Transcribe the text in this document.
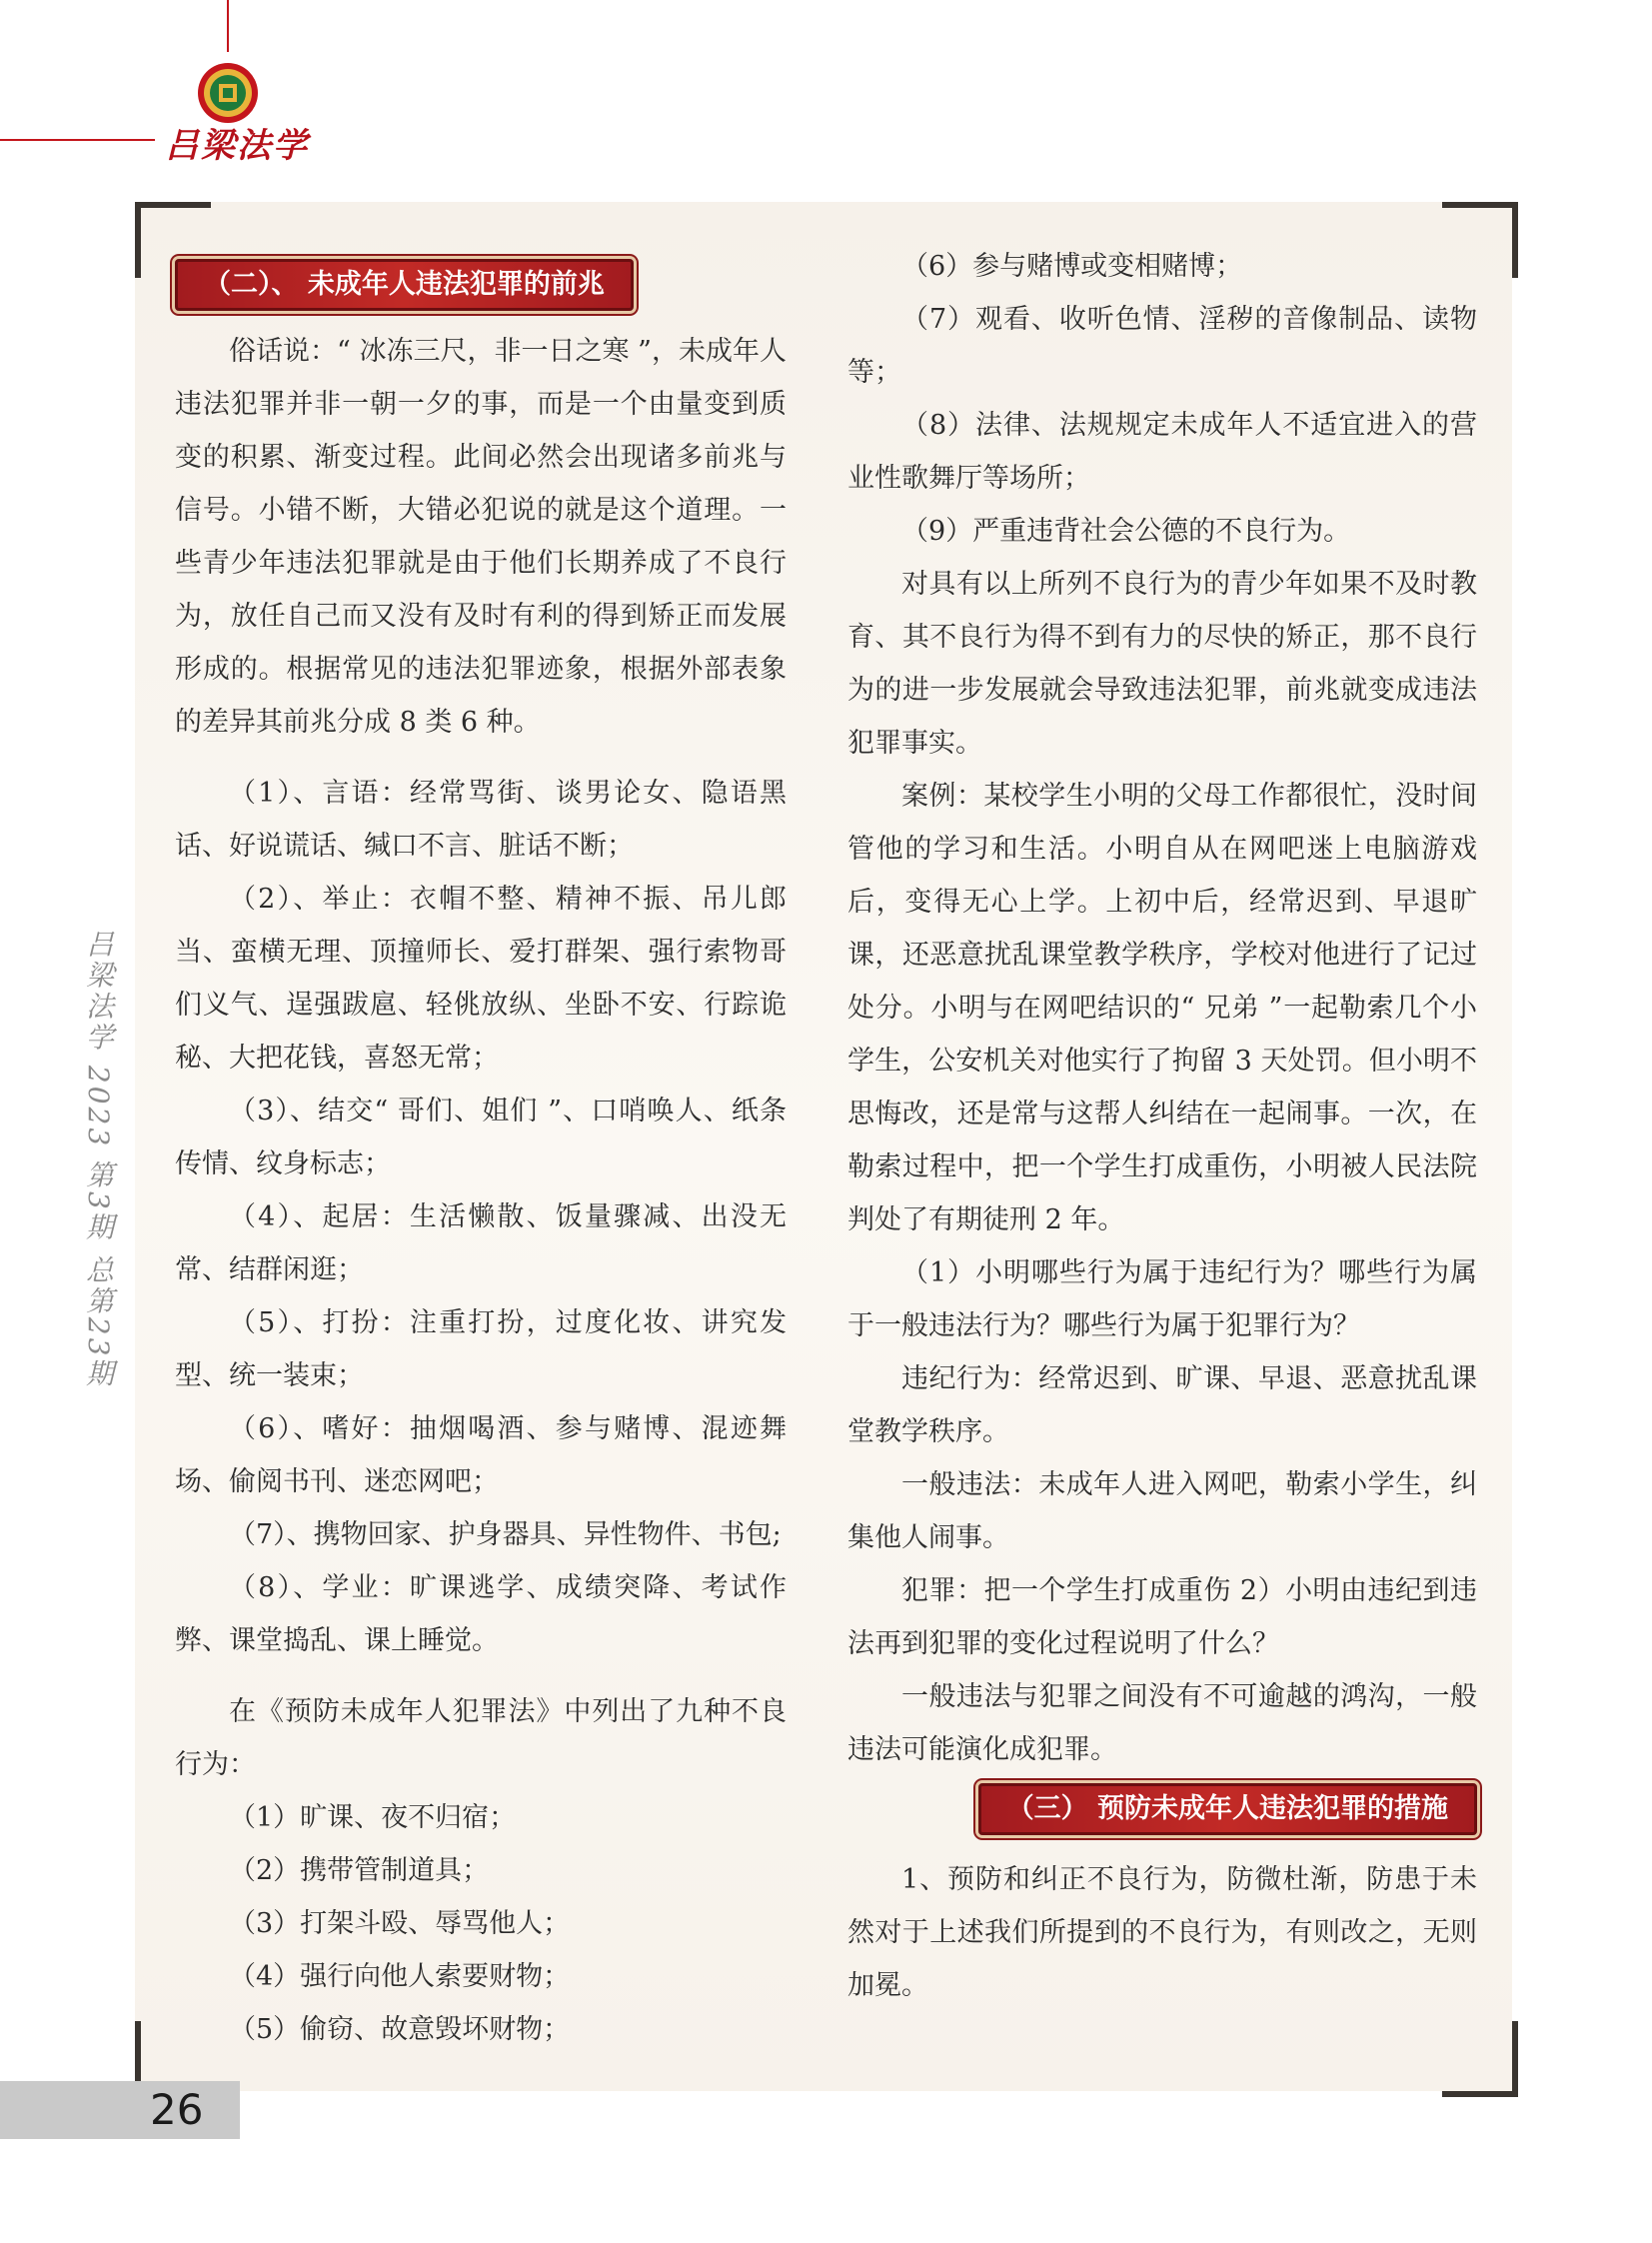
吕梁法学
吕梁法学 2023 第3期 总第23期
26
（二）、 未成年人违法犯罪的前兆

俗话说：“ 冰冻三尺，非一日之寒 ”，未成年人违法犯罪并非一朝一夕的事，而是一个由量变到质变的积累、渐变过程。此间必然会出现诸多前兆与信号。小错不断，大错必犯说的就是这个道理。一些青少年违法犯罪就是由于他们长期养成了不良行为，放任自己而又没有及时有利的得到矫正而发展形成的。根据常见的违法犯罪迹象，根据外部表象的差异其前兆分成 8 类 6 种。

（1）、言语：经常骂街、谈男论女、隐语黑话、好说谎话、缄口不言、脏话不断；

（2）、举止：衣帽不整、精神不振、吊儿郎当、蛮横无理、顶撞师长、爱打群架、强行索物哥们义气、逞强跋扈、轻佻放纵、坐卧不安、行踪诡秘、大把花钱，喜怒无常；

（3）、结交“ 哥们、姐们 ”、口哨唤人、纸条传情、纹身标志；

（4）、起居：生活懒散、饭量骤减、出没无常、结群闲逛；

（5）、打扮：注重打扮，过度化妆、讲究发型、统一装束；

（6）、嗜好：抽烟喝酒、参与赌博、混迹舞场、偷阅书刊、迷恋网吧；

（7）、携物回家、护身器具、异性物件、书包;

（8）、学业：旷课逃学、成绩突降、考试作弊、课堂捣乱、课上睡觉。

在《预防未成年人犯罪法》中列出了九种不良行为：

（1）旷课、夜不归宿；

（2）携带管制道具；

（3）打架斗殴、辱骂他人；

（4）强行向他人索要财物；

（5）偷窃、故意毁坏财物；

（6）参与赌博或变相赌博；

（7）观看、收听色情、淫秽的音像制品、读物等；

（8）法律、法规规定未成年人不适宜进入的营业性歌舞厅等场所；

（9）严重违背社会公德的不良行为。

对具有以上所列不良行为的青少年如果不及时教育、其不良行为得不到有力的尽快的矫正，那不良行为的进一步发展就会导致违法犯罪，前兆就变成违法犯罪事实。

案例：某校学生小明的父母工作都很忙，没时间管他的学习和生活。小明自从在网吧迷上电脑游戏后，变得无心上学。上初中后，经常迟到、早退旷课，还恶意扰乱课堂教学秩序，学校对他进行了记过处分。小明与在网吧结识的“ 兄弟 ”一起勒索几个小学生，公安机关对他实行了拘留 3 天处罚。但小明不思悔改，还是常与这帮人纠结在一起闹事。一次，在勒索过程中，把一个学生打成重伤，小明被人民法院判处了有期徒刑 2 年。

（1）小明哪些行为属于违纪行为？哪些行为属于一般违法行为？哪些行为属于犯罪行为？

违纪行为：经常迟到、旷课、早退、恶意扰乱课堂教学秩序。

一般违法：未成年人进入网吧，勒索小学生，纠集他人闹事。

犯罪：把一个学生打成重伤 2）小明由违纪到违法再到犯罪的变化过程说明了什么？

一般违法与犯罪之间没有不可逾越的鸿沟，一般违法可能演化成犯罪。

（三） 预防未成年人违法犯罪的措施

1、预防和纠正不良行为，防微杜渐，防患于未然对于上述我们所提到的不良行为，有则改之，无则加冕。
